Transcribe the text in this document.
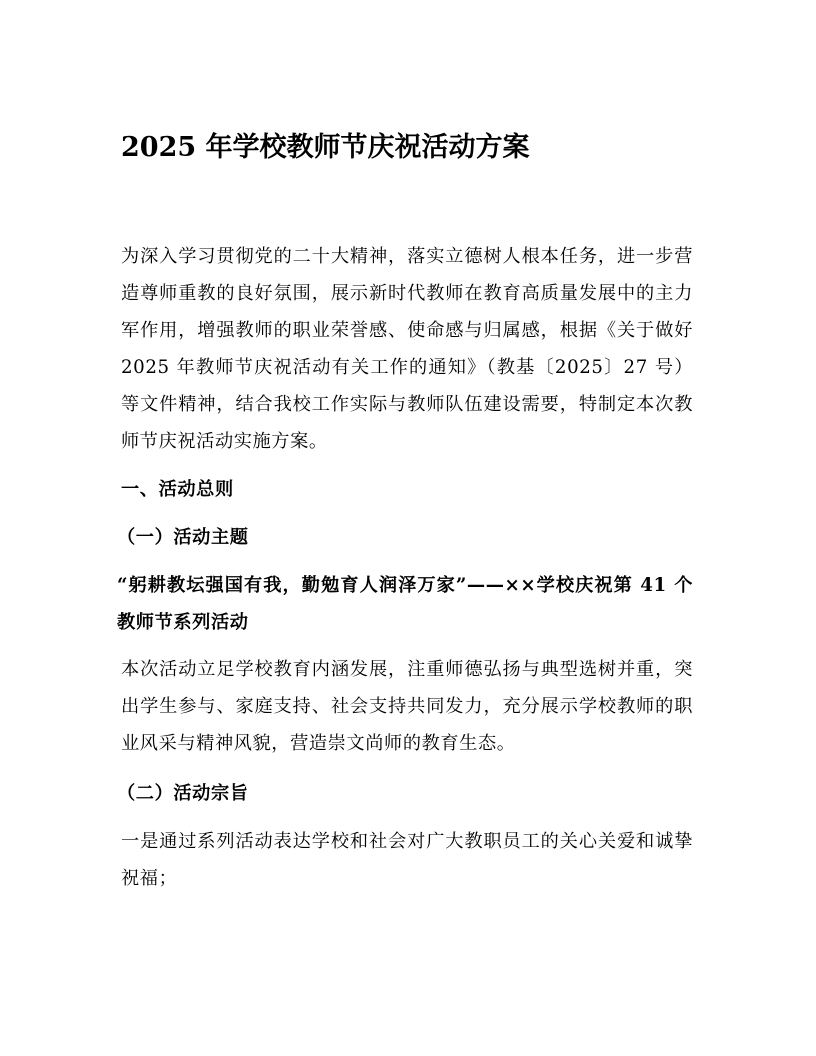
2025 年学校教师节庆祝活动方案

为深入学习贯彻党的二十大精神，落实立德树人根本任务，进一步营造尊师重教的良好氛围，展示新时代教师在教育高质量发展中的主力军作用，增强教师的职业荣誉感、使命感与归属感，根据《关于做好 2025 年教师节庆祝活动有关工作的通知》（教基〔2025〕27 号）等文件精神，结合我校工作实际与教师队伍建设需要，特制定本次教师节庆祝活动实施方案。

一、活动总则
（一）活动主题

“躬耕教坛强国有我，勤勉育人润泽万家”——××学校庆祝第 41 个教师节系列活动

本次活动立足学校教育内涵发展，注重师德弘扬与典型选树并重，突出学生参与、家庭支持、社会支持共同发力，充分展示学校教师的职业风采与精神风貌，营造崇文尚师的教育生态。

（二）活动宗旨

一是通过系列活动表达学校和社会对广大教职员工的关心关爱和诚挚祝福；
